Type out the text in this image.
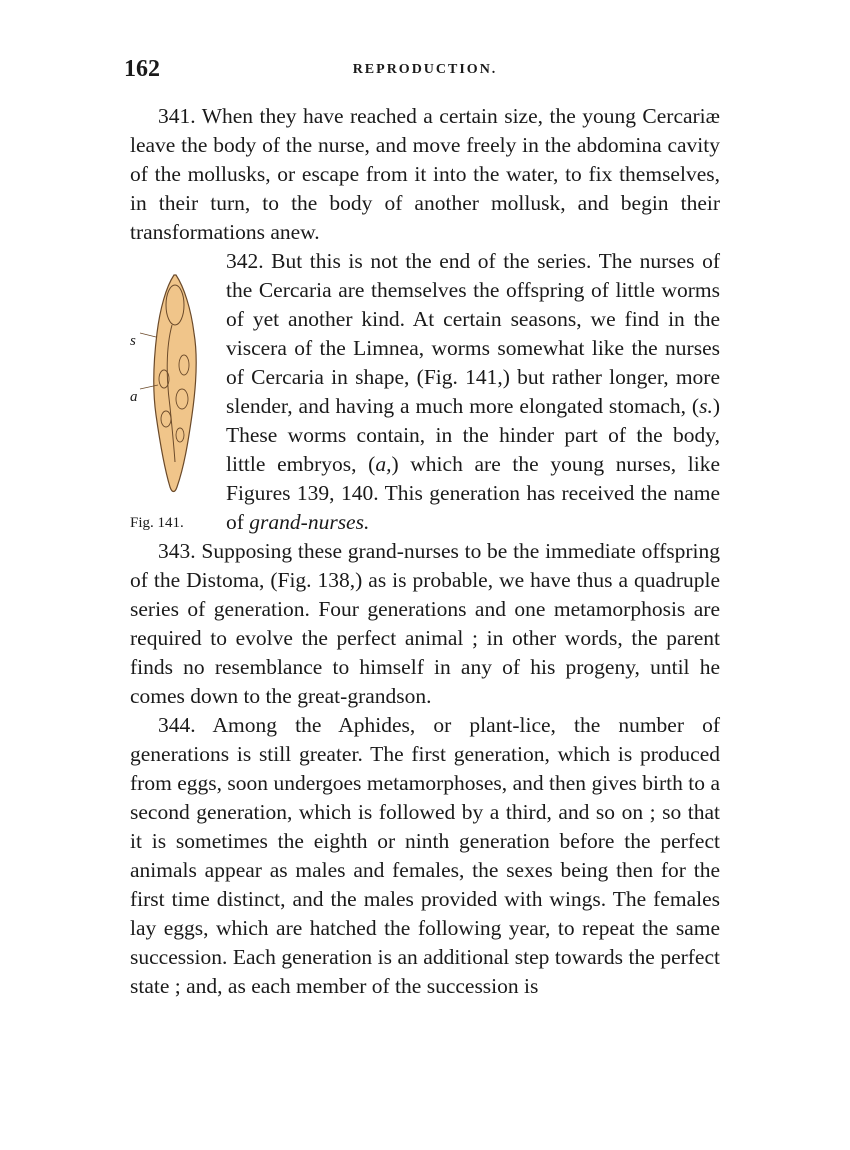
162	REPRODUCTION.

341. When they have reached a certain size, the young Cercariæ leave the body of the nurse, and move freely in the abdomina cavity of the mollusks, or escape from it into the water, to fix themselves, in their turn, to the body of another mollusk, and begin their transformations anew.

s
a
Fig. 141.

342. But this is not the end of the series. The nurses of the Cercaria are themselves the offspring of little worms of yet another kind. At certain seasons, we find in the viscera of the Limnea, worms somewhat like the nurses of Cercaria in shape, (Fig. 141,) but rather longer, more slender, and having a much more elongated stomach, (s.) These worms contain, in the hinder part of the body, little embryos, (a,) which are the young nurses, like Figures 139, 140. This generation has received the name of grand-nurses.

343. Supposing these grand-nurses to be the immediate offspring of the Distoma, (Fig. 138,) as is probable, we have thus a quadruple series of generation. Four generations and one metamorphosis are required to evolve the perfect animal ; in other words, the parent finds no resemblance to himself in any of his progeny, until he comes down to the great-grandson.

344. Among the Aphides, or plant-lice, the number of generations is still greater. The first generation, which is produced from eggs, soon undergoes metamorphoses, and then gives birth to a second generation, which is followed by a third, and so on ; so that it is sometimes the eighth or ninth generation before the perfect animals appear as males and females, the sexes being then for the first time distinct, and the males provided with wings. The females lay eggs, which are hatched the following year, to repeat the same succession. Each generation is an additional step towards the perfect state ; and, as each member of the succession is
